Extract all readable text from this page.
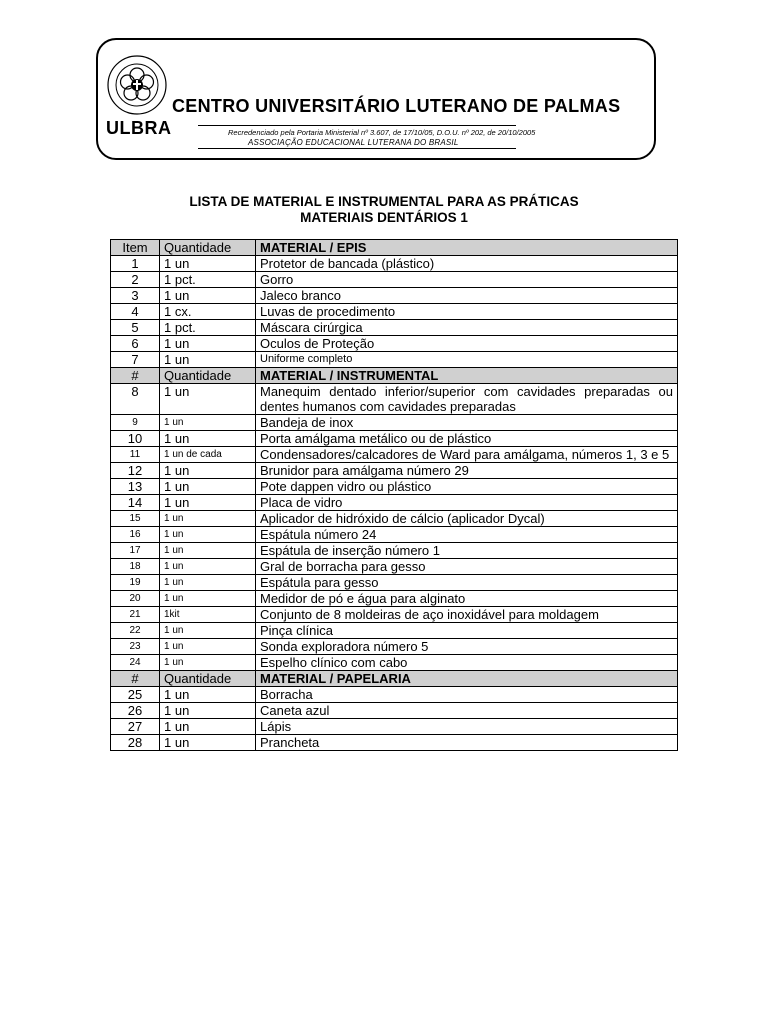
ULBRA
CENTRO UNIVERSITÁRIO LUTERANO DE PALMAS
Recredenciado pela Portaria Ministerial nº 3.607, de 17/10/05, D.O.U. nº 202, de 20/10/2005
ASSOCIAÇÃO EDUCACIONAL LUTERANA DO BRASIL
LISTA DE MATERIAL E INSTRUMENTAL PARA AS PRÁTICAS
MATERIAIS DENTÁRIOS 1
Item	Quantidade	MATERIAL / EPIS
1	1 un	Protetor de bancada (plástico)
2	1 pct.	Gorro
3	1 un	Jaleco branco
4	1 cx.	Luvas de procedimento
5	1 pct.	Máscara cirúrgica
6	1 un	Oculos de Proteção
7	1 un	Uniforme completo
#	Quantidade	MATERIAL / INSTRUMENTAL
8	1 un	Manequim dentado inferior/superior com cavidades preparadas ou dentes humanos com cavidades preparadas
9	1 un	Bandeja de inox
10	1 un	Porta amálgama metálico ou de plástico
11	1 un de cada	Condensadores/calcadores de Ward para amálgama, números 1, 3 e 5
12	1 un	Brunidor para amálgama número 29
13	1 un	Pote dappen vidro ou plástico
14	1 un	Placa de vidro
15	1 un	Aplicador de hidróxido de cálcio (aplicador Dycal)
16	1 un	Espátula número 24
17	1 un	Espátula de inserção número 1
18	1 un	Gral de borracha para gesso
19	1 un	Espátula para gesso
20	1 un	Medidor de pó e água para alginato
21	1kit	Conjunto de 8 moldeiras de aço inoxidável para moldagem
22	1 un	Pinça clínica
23	1 un	Sonda exploradora número 5
24	1 un	Espelho clínico com cabo
#	Quantidade	MATERIAL / PAPELARIA
25	1 un	Borracha
26	1 un	Caneta azul
27	1 un	Lápis
28	1 un	Prancheta
